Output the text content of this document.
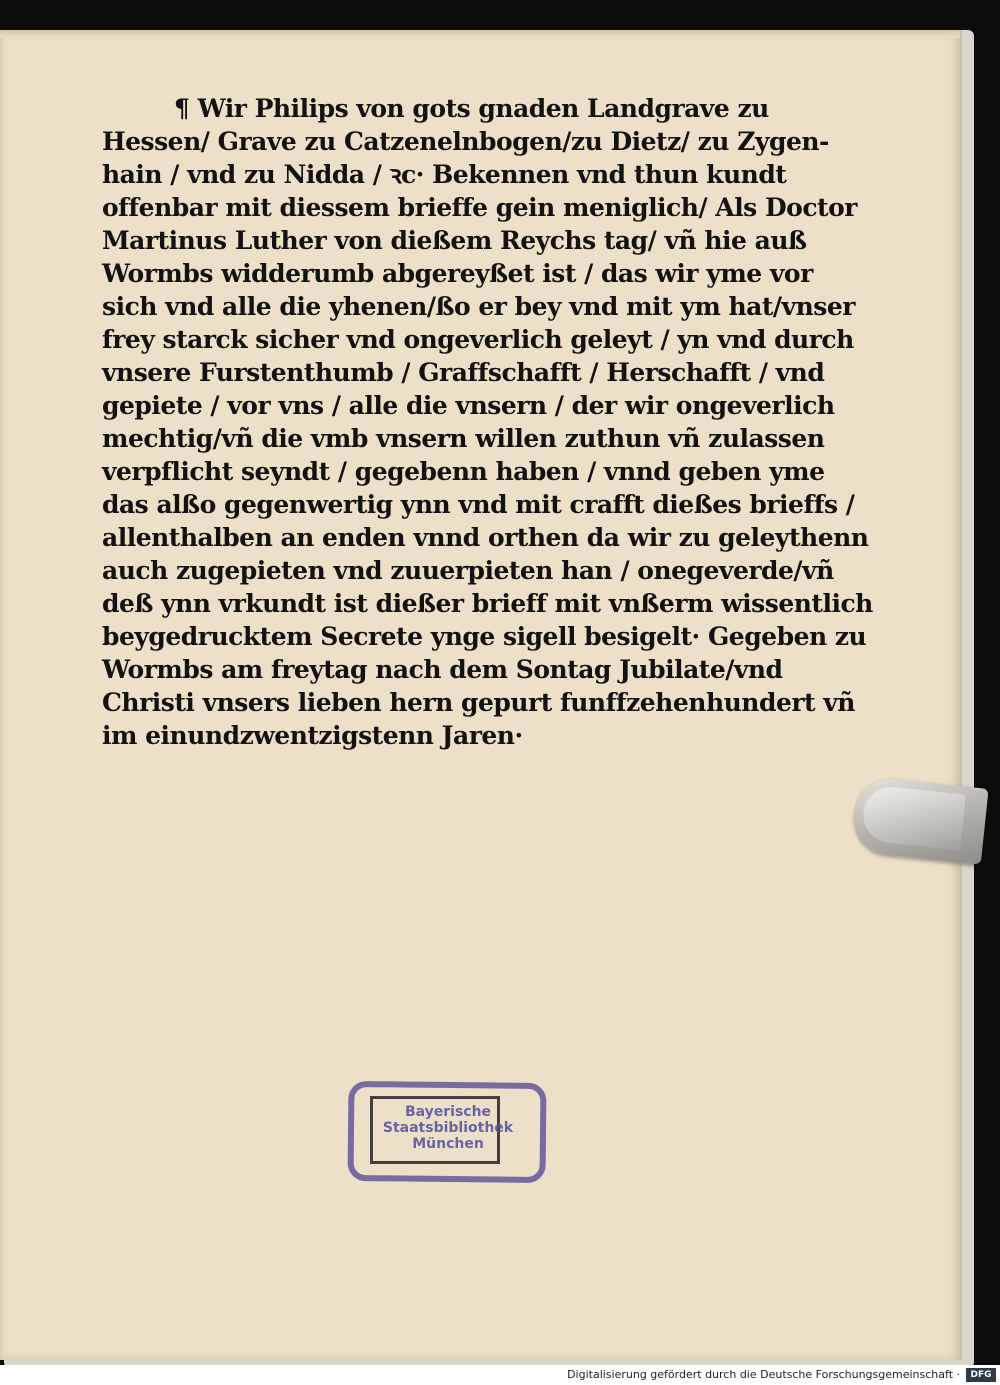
¶ Wir Philips von gots gnaden Landgrave zu
Hessen/ Grave zu Catzenelnbogen/zu Dietz/ zu Zygen-
hain / vnd zu Nidda / ꝛc· Bekennen vnd thun kundt
offenbar mit diessem brieffe gein meniglich/ Als Doctor
Martinus Luther von dießem Reychs tag/ vñ hie auß
Wormbs widderumb abgereyßet ist / das wir yme vor
sich vnd alle die yhenen/ßo er bey vnd mit ym hat/vnser
frey starck sicher vnd ongeverlich geleyt / yn vnd durch
vnsere Furstenthumb / Graffschafft / Herschafft / vnd
gepiete / vor vns / alle die vnsern / der wir ongeverlich
mechtig/vñ die vmb vnsern willen zuthun vñ zulassen
verpflicht seyndt / gegebenn haben / vnnd geben yme
das alßo gegenwertig ynn vnd mit crafft dießes brieffs /
allenthalben an enden vnnd orthen da wir zu geleythenn
auch zugepieten vnd zuuerpieten han / onegeverde/vñ
deß ynn vrkundt ist dießer brieff mit vnßerm wissentlich
beygedrucktem Secrete ynge sigell besigelt· Gegeben zu
Wormbs am freytag nach dem Sontag Jubilate/vnd
Christi vnsers lieben hern gepurt funffzehenhundert vñ
im einundzwentzigstenn Jaren·
Bayerische
Staatsbibliothek
München
Digitalisierung gefördert durch die Deutsche Forschungsgemeinschaft ·	DFG
